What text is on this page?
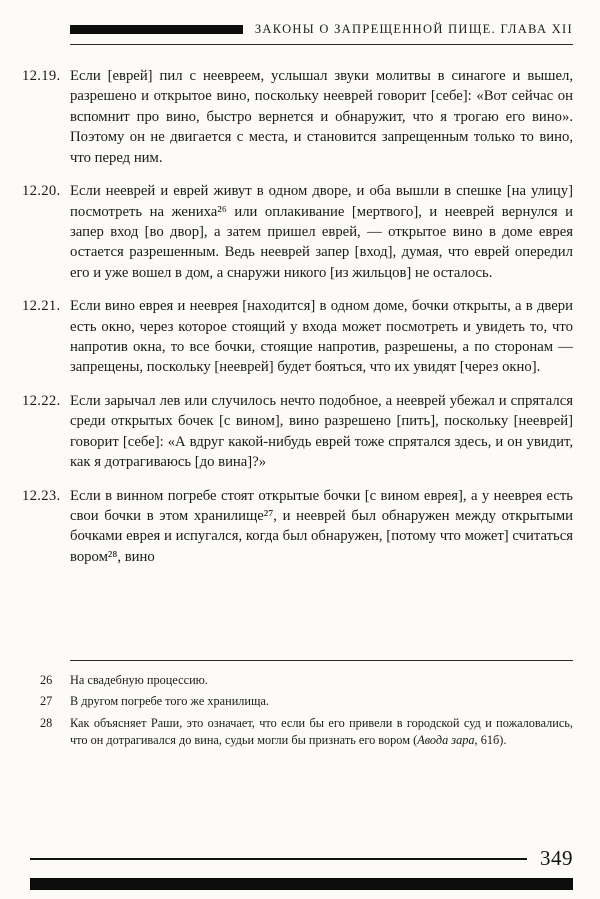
ЗАКОНЫ О ЗАПРЕЩЕННОЙ ПИЩЕ. ГЛАВА XII
12.19. Если [еврей] пил с неевреем, услышал звуки молитвы в синагоге и вышел, разрешено и открытое вино, поскольку нееврей говорит [себе]: «Вот сейчас он вспомнит про вино, быстро вернется и обнаружит, что я трогаю его вино». Поэтому он не двигается с места, и становится запрещенным только то вино, что перед ним.

12.20. Если нееврей и еврей живут в одном дворе, и оба вышли в спешке [на улицу] посмотреть на жениха²⁶ или оплакивание [мертвого], и нееврей вернулся и запер вход [во двор], а затем пришел еврей, — открытое вино в доме еврея остается разрешенным. Ведь нееврей запер [вход], думая, что еврей опередил его и уже вошел в дом, а снаружи никого [из жильцов] не осталось.

12.21. Если вино еврея и нееврея [находится] в одном доме, бочки открыты, а в двери есть окно, через которое стоящий у входа может посмотреть и увидеть то, что напротив окна, то все бочки, стоящие напротив, разрешены, а по сторонам — запрещены, поскольку [нееврей] будет бояться, что их увидят [через окно].

12.22. Если зарычал лев или случилось нечто подобное, а нееврей убежал и спрятался среди открытых бочек [с вином], вино разрешено [пить], поскольку [нееврей] говорит [себе]: «А вдруг какой-нибудь еврей тоже спрятался здесь, и он увидит, как я дотрагиваюсь [до вина]?»

12.23. Если в винном погребе стоят открытые бочки [с вином еврея], а у нееврея есть свои бочки в этом хранилище²⁷, и нееврей был обнаружен между открытыми бочками еврея и испугался, когда был обнаружен, [потому что может] считаться вором²⁸, вино

26	На свадебную процессию.

27	В другом погребе того же хранилища.

28	Как объясняет Раши, это означает, что если бы его привели в городской суд и пожаловались, что он дотрагивался до вина, судьи могли бы признать его вором (Авода зара, 61б).

349
